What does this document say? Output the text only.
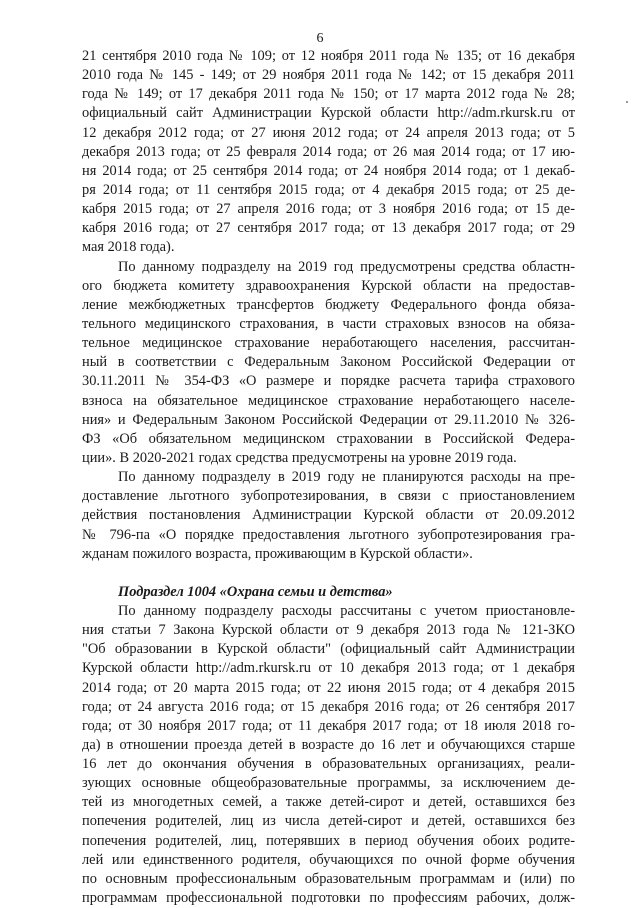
6
21 сентября 2010 года № 109; от 12 ноября 2011 года № 135; от 16 декабря
2010 года № 145 - 149; от 29 ноября 2011 года № 142; от 15 декабря 2011
года № 149; от 17 декабря 2011 года № 150; от 17 марта 2012 года № 28;
официальный сайт Администрации Курской области http://adm.rkursk.ru от
12 декабря 2012 года; от 27 июня 2012 года; от 24 апреля 2013 года; от 5
декабря 2013 года; от 25 февраля 2014 года; от 26 мая 2014 года; от 17 ию-
ня 2014 года; от 25 сентября 2014 года; от 24 ноября 2014 года; от 1 декаб-
ря 2014 года; от 11 сентября 2015 года; от 4 декабря 2015 года; от 25 де-
кабря 2015 года; от 27 апреля 2016 года; от 3 ноября 2016 года; от 15 де-
кабря 2016 года; от 27 сентября 2017 года; от 13 декабря 2017 года; от 29
мая 2018 года).
По данному подразделу на 2019 год предусмотрены средства областн-
ого бюджета комитету здравоохранения Курской области на предостав-
ление межбюджетных трансфертов бюджету Федерального фонда обяза-
тельного медицинского страхования, в части страховых взносов на обяза-
тельное медицинское страхование неработающего населения, рассчитан-
ный в соответствии с Федеральным Законом Российской Федерации от
30.11.2011 № 354-ФЗ «О размере и порядке расчета тарифа страхового
взноса на обязательное медицинское страхование неработающего населе-
ния» и Федеральным Законом Российской Федерации от 29.11.2010 № 326-
ФЗ «Об обязательном медицинском страховании в Российской Федера-
ции». В 2020-2021 годах средства предусмотрены на уровне 2019 года.
По данному подразделу в 2019 году не планируются расходы на пре-
доставление льготного зубопротезирования, в связи с приостановлением
действия постановления Администрации Курской области от 20.09.2012
№ 796-па «О порядке предоставления льготного зубопротезирования гра-
жданам пожилого возраста, проживающим в Курской области».
Подраздел 1004 «Охрана семьи и детства»
По данному подразделу расходы рассчитаны с учетом приостановле-
ния статьи 7 Закона Курской области от 9 декабря 2013 года № 121-ЗКО
"Об образовании в Курской области" (официальный сайт Администрации
Курской области http://adm.rkursk.ru от 10 декабря 2013 года; от 1 декабря
2014 года; от 20 марта 2015 года; от 22 июня 2015 года; от 4 декабря 2015
года; от 24 августа 2016 года; от 15 декабря 2016 года; от 26 сентября 2017
года; от 30 ноября 2017 года; от 11 декабря 2017 года; от 18 июля 2018 го-
да) в отношении проезда детей в возрасте до 16 лет и обучающихся старше
16 лет до окончания обучения в образовательных организациях, реали-
зующих основные общеобразовательные программы, за исключением де-
тей из многодетных семей, а также детей-сирот и детей, оставшихся без
попечения родителей, лиц из числа детей-сирот и детей, оставшихся без
попечения родителей, лиц, потерявших в период обучения обоих родите-
лей или единственного родителя, обучающихся по очной форме обучения
по основным профессиональным образовательным программам и (или) по
программам профессиональной подготовки по профессиям рабочих, долж-
